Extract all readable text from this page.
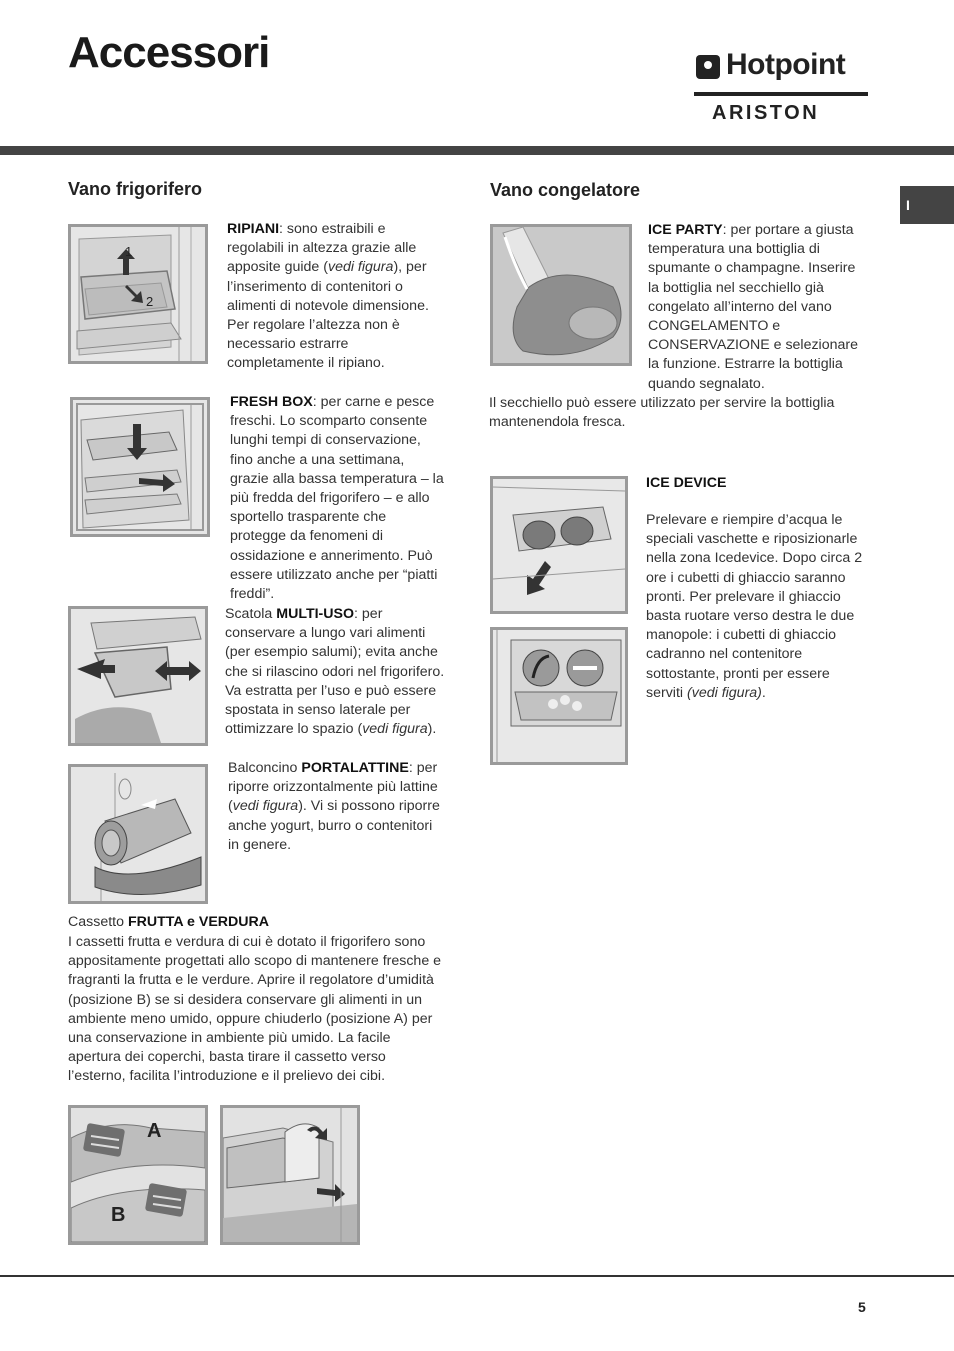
Accessori	Hotpoint
ARISTON
I
Vano frigorifero
1
2
RIPIANI: sono estraibili e regolabili in altezza grazie alle apposite guide (vedi figura), per l’inserimento di contenitori o alimenti di notevole dimensione. Per regolare l’altezza non è necessario estrarre completamente il ripiano.
FRESH BOX: per carne e pesce freschi. Lo scomparto consente lunghi tempi di conservazione, fino anche a una settimana, grazie alla bassa temperatura – la più fredda del frigorifero – e allo sportello trasparente che protegge da fenomeni di ossidazione e annerimento. Può essere utilizzato anche per “piatti freddi”.
Scatola MULTI-USO: per conservare a lungo vari alimenti (per esempio salumi); evita anche che si rilascino odori nel frigorifero. Va estratta per l’uso e può essere spostata in senso laterale per ottimizzare lo spazio (vedi figura).
Balconcino PORTALATTINE: per riporre orizzontalmente più lattine (vedi figura). Vi si possono riporre anche yogurt, burro o contenitori in genere.
Cassetto FRUTTA e VERDURA
I cassetti frutta e verdura di cui è dotato il frigorifero sono appositamente progettati allo scopo di mantenere fresche e fragranti la frutta e le verdure. Aprire il regolatore d’umidità (posizione B) se si desidera conservare gli alimenti in un ambiente meno umido, oppure chiuderlo (posizione A) per una conservazione in ambiente più umido. La facile apertura dei coperchi, basta tirare il cassetto verso l’esterno, facilita l’introduzione e il prelievo dei cibi.
A
B
Vano congelatore
ICE PARTY: per portare a giusta temperatura una bottiglia di spumante o champagne. Inserire la bottiglia nel secchiello già congelato all’interno del vano CONGELAMENTO e CONSERVAZIONE e selezionare la funzione. Estrarre la bottiglia quando segnalato.
Il secchiello può essere utilizzato per servire la bottiglia mantenendola fresca.
ICE DEVICE
Prelevare e riempire d’acqua le speciali vaschette e riposizionarle nella zona Icedevice. Dopo circa 2 ore i cubetti di ghiaccio saranno pronti. Per prelevare il ghiaccio basta ruotare verso destra le due manopole: i cubetti di ghiaccio cadranno nel contenitore sottostante, pronti per essere serviti (vedi figura).
5
